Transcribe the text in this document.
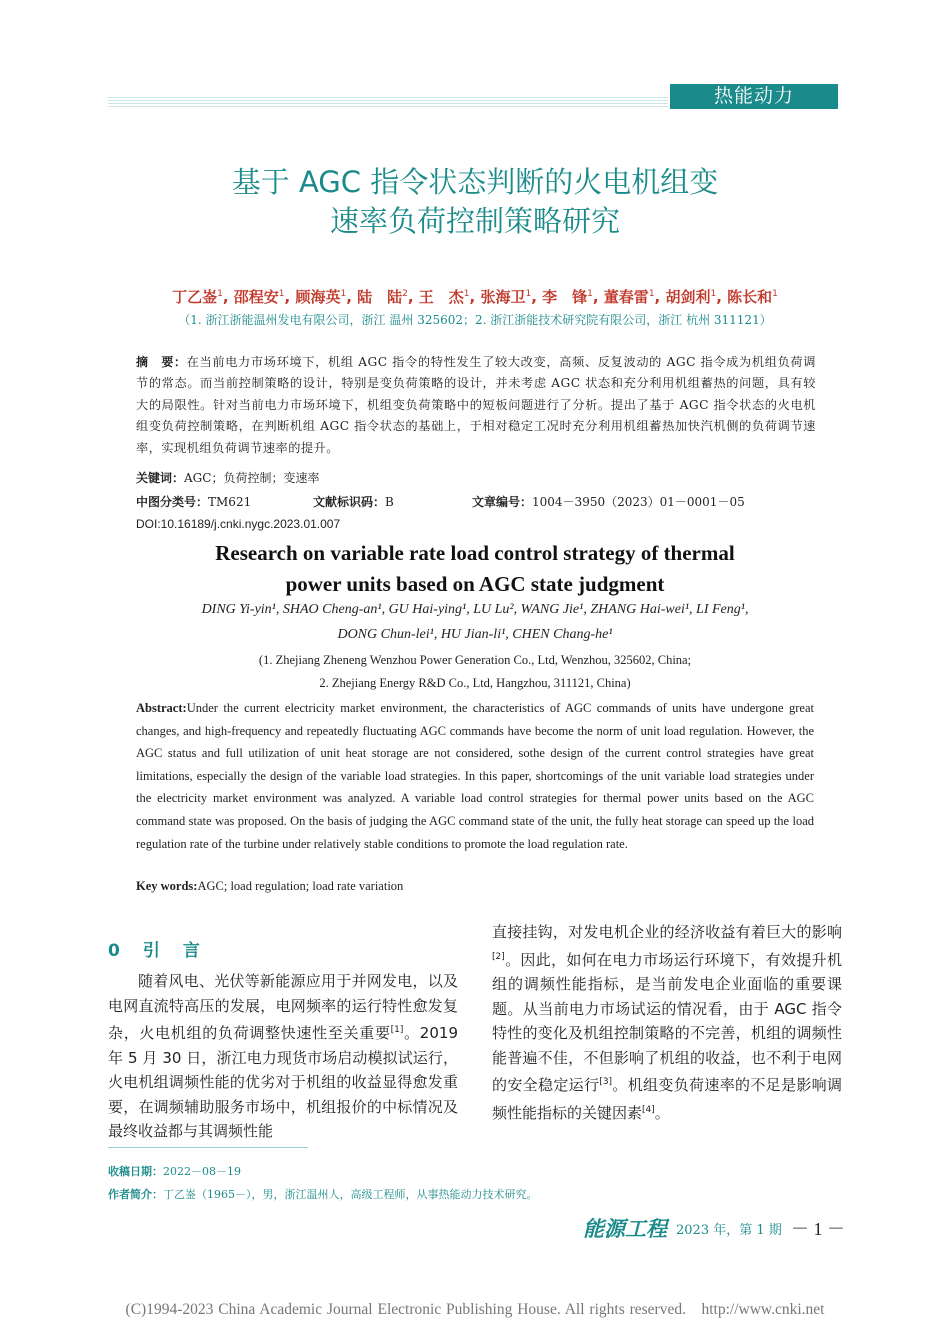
热能动力
基于 AGC 指令状态判断的火电机组变
速率负荷控制策略研究
丁乙崟$^1$, 邵程安$^1$, 顾海英$^1$, 陆　陆$^2$, 王　杰$^1$, 张海卫$^1$, 李　锋$^1$, 董春雷$^1$, 胡剑利$^1$, 陈长和$^1$
（1. 浙江浙能温州发电有限公司，浙江 温州 325602；2. 浙江浙能技术研究院有限公司，浙江 杭州 311121）
摘　要：在当前电力市场环境下，机组 AGC 指令的特性发生了较大改变，高频、反复波动的 AGC 指令成为机组负荷调节的常态。而当前控制策略的设计，特别是变负荷策略的设计，并未考虑 AGC 状态和充分利用机组蓄热的问题，具有较大的局限性。针对当前电力市场环境下，机组变负荷策略中的短板问题进行了分析。提出了基于 AGC 指令状态的火电机组变负荷控制策略，在判断机组 AGC 指令状态的基础上，于相对稳定工况时充分利用机组蓄热加快汽机侧的负荷调节速率，实现机组负荷调节速率的提升。
关键词：AGC；负荷控制；变速率
中图分类号：TM621	文献标识码：B	文章编号：1004－3950（2023）01－0001－05
DOI:10.16189/j.cnki.nygc.2023.01.007
Research on variable rate load control strategy of thermal
power units based on AGC state judgment
DING Yi-yin¹, SHAO Cheng-an¹, GU Hai-ying¹, LU Lu², WANG Jie¹, ZHANG Hai-wei¹, LI Feng¹,
DONG Chun-lei¹, HU Jian-li¹, CHEN Chang-he¹
(1. Zhejiang Zheneng Wenzhou Power Generation Co., Ltd, Wenzhou, 325602, China;
2. Zhejiang Energy R&D Co., Ltd, Hangzhou, 311121, China)
Abstract:Under the current electricity market environment, the characteristics of AGC commands of units have undergone great changes, and high-frequency and repeatedly fluctuating AGC commands have become the norm of unit load regulation. However, the AGC status and full utilization of unit heat storage are not considered, sothe design of the current control strategies have great limitations, especially the design of the variable load strategies. In this paper, shortcomings of the unit variable load strategies under the electricity market environment was analyzed. A variable load control strategies for thermal power units based on the AGC command state was proposed. On the basis of judging the AGC command state of the unit, the fully heat storage can speed up the load regulation rate of the turbine under relatively stable conditions to promote the load regulation rate.
Key words:AGC; load regulation; load rate variation
0　引　言
随着风电、光伏等新能源应用于并网发电，以及电网直流特高压的发展，电网频率的运行特性愈发复杂，火电机组的负荷调整快速性至关重要[1]。2019 年 5 月 30 日，浙江电力现货市场启动模拟试运行，火电机组调频性能的优劣对于机组的收益显得愈发重要，在调频辅助服务市场中，机组报价的中标情况及最终收益都与其调频性能
直接挂钩，对发电机企业的经济收益有着巨大的影响[2]。因此，如何在电力市场运行环境下，有效提升机组的调频性能指标，是当前发电企业面临的重要课题。从当前电力市场试运的情况看，由于 AGC 指令特性的变化及机组控制策略的不完善，机组的调频性能普遍不佳，不但影响了机组的收益，也不利于电网的安全稳定运行[3]。机组变负荷速率的不足是影响调频性能指标的关键因素[4]。
收稿日期：2022－08－19
作者简介：丁乙崟（1965－），男，浙江温州人，高级工程师，从事热能动力技术研究。
能源工程 2023 年，第 1 期 － 1 －
(C)1994-2023 China Academic Journal Electronic Publishing House. All rights reserved.　http://www.cnki.net
